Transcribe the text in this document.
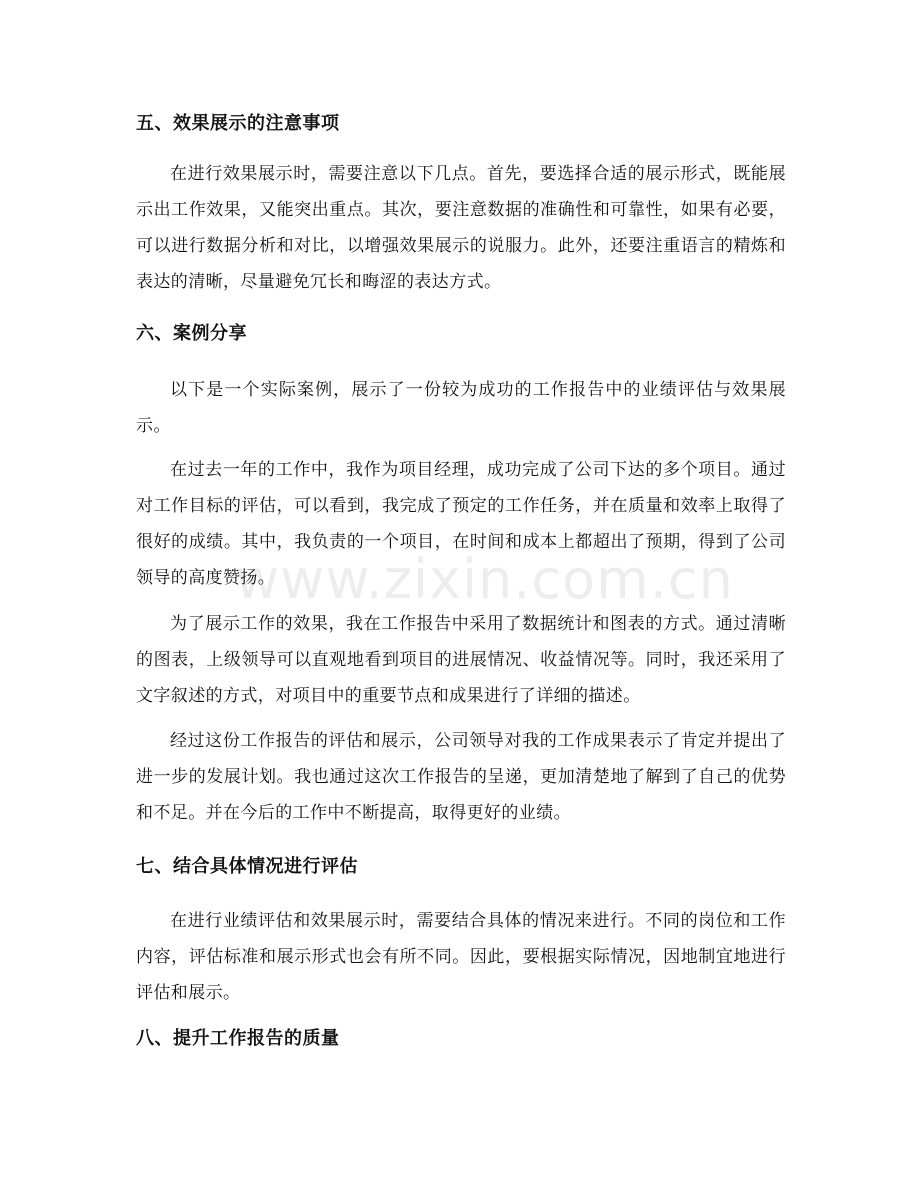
五、效果展示的注意事项
在进行效果展示时，需要注意以下几点。首先，要选择合适的展示形式，既能展示出工作效果，又能突出重点。其次，要注意数据的准确性和可靠性，如果有必要，可以进行数据分析和对比，以增强效果展示的说服力。此外，还要注重语言的精炼和表达的清晰，尽量避免冗长和晦涩的表达方式。
六、案例分享
以下是一个实际案例，展示了一份较为成功的工作报告中的业绩评估与效果展示。
在过去一年的工作中，我作为项目经理，成功完成了公司下达的多个项目。通过对工作目标的评估，可以看到，我完成了预定的工作任务，并在质量和效率上取得了很好的成绩。其中，我负责的一个项目，在时间和成本上都超出了预期，得到了公司领导的高度赞扬。
为了展示工作的效果，我在工作报告中采用了数据统计和图表的方式。通过清晰的图表，上级领导可以直观地看到项目的进展情况、收益情况等。同时，我还采用了文字叙述的方式，对项目中的重要节点和成果进行了详细的描述。
经过这份工作报告的评估和展示，公司领导对我的工作成果表示了肯定并提出了进一步的发展计划。我也通过这次工作报告的呈递，更加清楚地了解到了自己的优势和不足。并在今后的工作中不断提高，取得更好的业绩。
七、结合具体情况进行评估
在进行业绩评估和效果展示时，需要结合具体的情况来进行。不同的岗位和工作内容，评估标准和展示形式也会有所不同。因此，要根据实际情况，因地制宜地进行评估和展示。
八、提升工作报告的质量
www.zixin.com.cn
